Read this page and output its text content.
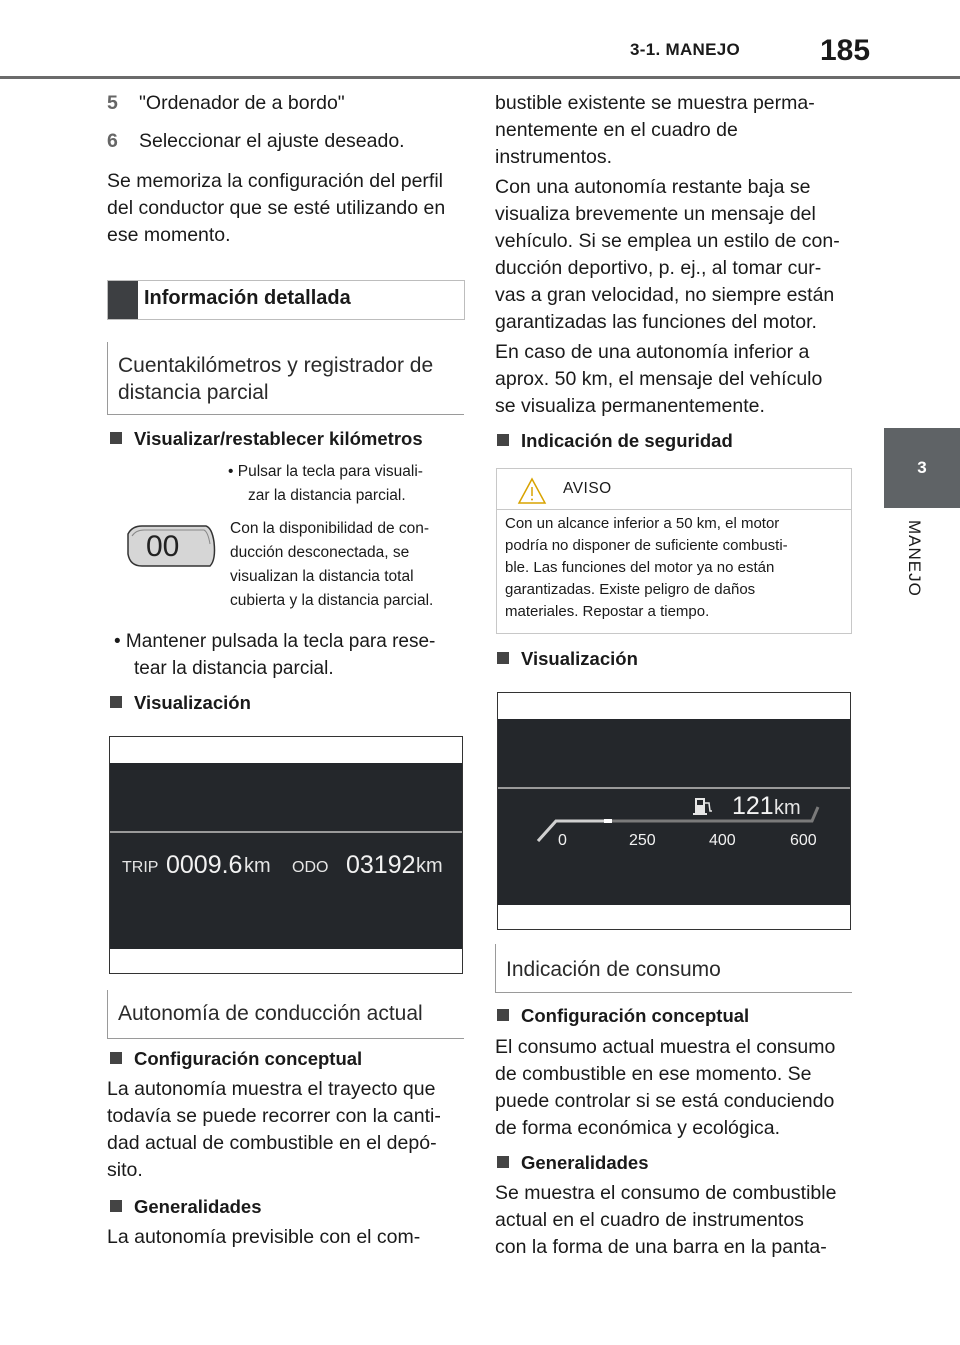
3-1. MANEJO	185
3
MANEJO

5 "Ordenador de a bordo"

6 Seleccionar el ajuste deseado.

Se memoriza la configuración del perfil

del conductor que se esté utilizando en

ese momento.

Información detallada
Cuentakilómetros y registrador de
distancia parcial
Visualizar/restablecer kilómetros
• Pulsar la tecla para visuali-
zar la distancia parcial.
00
Con la disponibilidad de con-
ducción desconectada, se
visualizan la distancia total
cubierta y la distancia parcial.
• Mantener pulsada la tecla para rese-
tear la distancia parcial.
Visualización
TRIP 0009.6 km ODO 03192 km
Autonomía de conducción actual
Configuración conceptual

La autonomía muestra el trayecto que

todavía se puede recorrer con la canti-

dad actual de combustible en el depó-

sito.

Generalidades

La autonomía previsible con el com-

bustible existente se muestra perma-

nentemente en el cuadro de

instrumentos.

Con una autonomía restante baja se

visualiza brevemente un mensaje del

vehículo. Si se emplea un estilo de con-

ducción deportivo, p. ej., al tomar cur-

vas a gran velocidad, no siempre están

garantizadas las funciones del motor.

En caso de una autonomía inferior a

aprox. 50 km, el mensaje del vehículo

se visualiza permanentemente.

Indicación de seguridad
AVISO
Con un alcance inferior a 50 km, el motor
podría no disponer de suficiente combusti-
ble. Las funciones del motor ya no están
garantizadas. Existe peligro de daños
materiales. Repostar a tiempo.
Visualización
121 km
0	250	400	600
Indicación de consumo
Configuración conceptual

El consumo actual muestra el consumo

de combustible en ese momento. Se

puede controlar si se está conduciendo

de forma económica y ecológica.

Generalidades

Se muestra el consumo de combustible

actual en el cuadro de instrumentos

con la forma de una barra en la panta-
